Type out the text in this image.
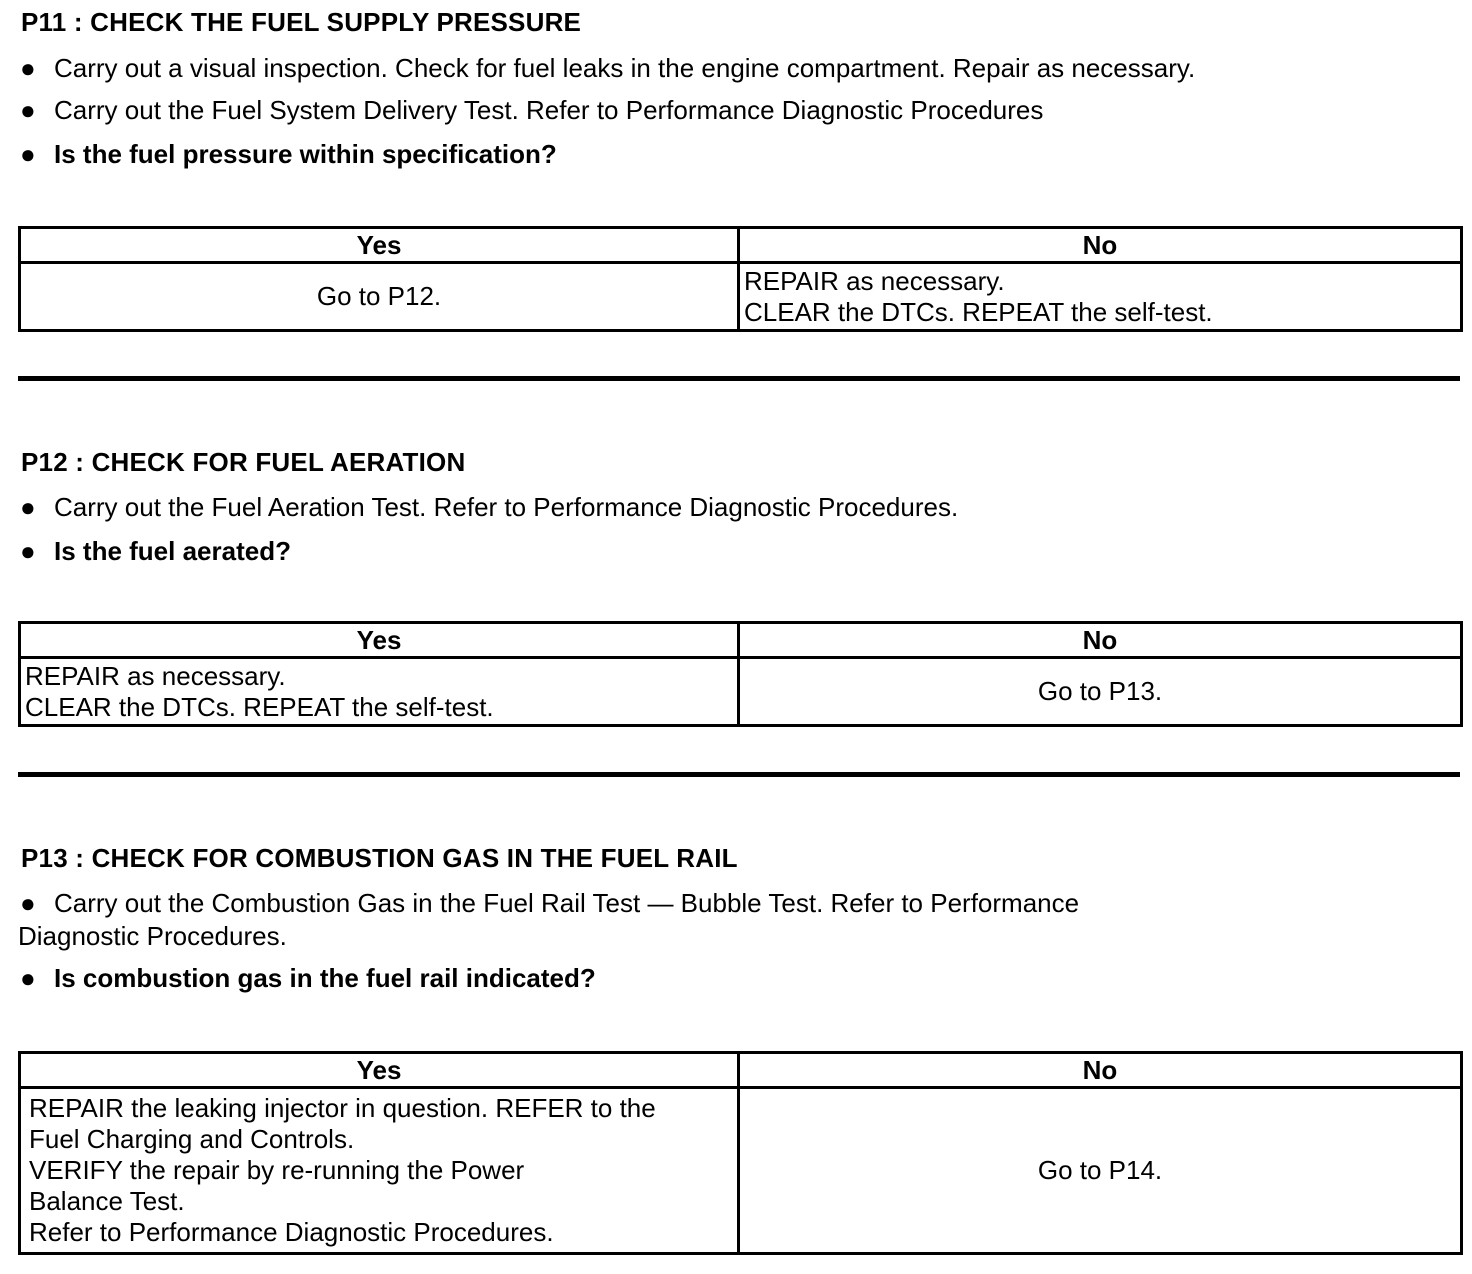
P11 : CHECK THE FUEL SUPPLY PRESSURE
● Carry out a visual inspection. Check for fuel leaks in the engine compartment. Repair as necessary.
● Carry out the Fuel System Delivery Test. Refer to Performance Diagnostic Procedures
● Is the fuel pressure within specification?
Yes	No

Go to P12.	REPAIR as necessary.
CLEAR the DTCs. REPEAT the self-test.
P12 : CHECK FOR FUEL AERATION
● Carry out the Fuel Aeration Test. Refer to Performance Diagnostic Procedures.
● Is the fuel aerated?
Yes	No

REPAIR as necessary.
CLEAR the DTCs. REPEAT the self-test.	Go to P13.
P13 : CHECK FOR COMBUSTION GAS IN THE FUEL RAIL
● Carry out the Combustion Gas in the Fuel Rail Test — Bubble Test. Refer to Performance
Diagnostic Procedures.
● Is combustion gas in the fuel rail indicated?
Yes	No

REPAIR the leaking injector in question. REFER to the
Fuel Charging and Controls.
VERIFY the repair by re-running the Power
Balance Test.
Refer to Performance Diagnostic Procedures.	Go to P14.
